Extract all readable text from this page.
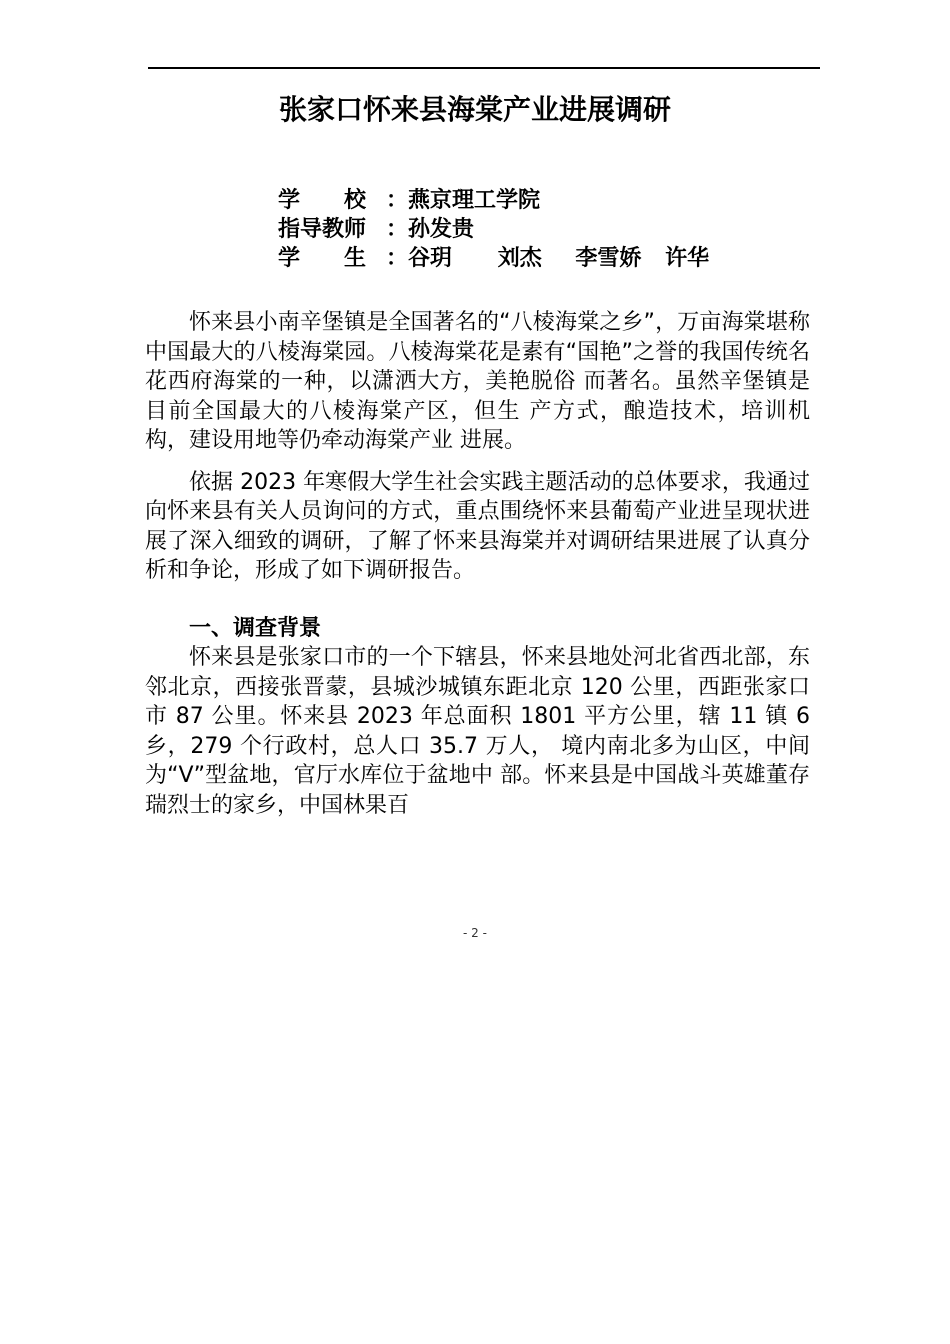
张家口怀来县海棠产业进展调研
学　　校 ： 燕京理工学院
指导教师 ： 孙发贵
学　　生 ： 谷玥 刘杰 李雪娇 许华

怀来县小南辛堡镇是全国著名的“八棱海棠之乡”，万亩海棠堪称中国最大的八棱海棠园。八棱海棠花是素有“国艳”之誉的我国传统名花西府海棠的一种，以潇洒大方，美艳脱俗 而著名。虽然辛堡镇是目前全国最大的八棱海棠产区，但生 产方式，酿造技术，培训机构，建设用地等仍牵动海棠产业 进展。

依据 2023 年寒假大学生社会实践主题活动的总体要求，我通过向怀来县有关人员询问的方式，重点围绕怀来县葡萄产业进呈现状进展了深入细致的调研，了解了怀来县海棠并对调研结果进展了认真分析和争论，形成了如下调研报告。

一、调查背景

怀来县是张家口市的一个下辖县，怀来县地处河北省西北部，东邻北京，西接张晋蒙，县城沙城镇东距北京 120 公里，西距张家口市 87 公里。怀来县 2023 年总面积 1801 平方公里，辖 11 镇 6 乡，279 个行政村，总人口 35.7 万人， 境内南北多为山区，中间为“V”型盆地，官厅水库位于盆地中 部。怀来县是中国战斗英雄董存瑞烈士的家乡，中国林果百

- 2 -
